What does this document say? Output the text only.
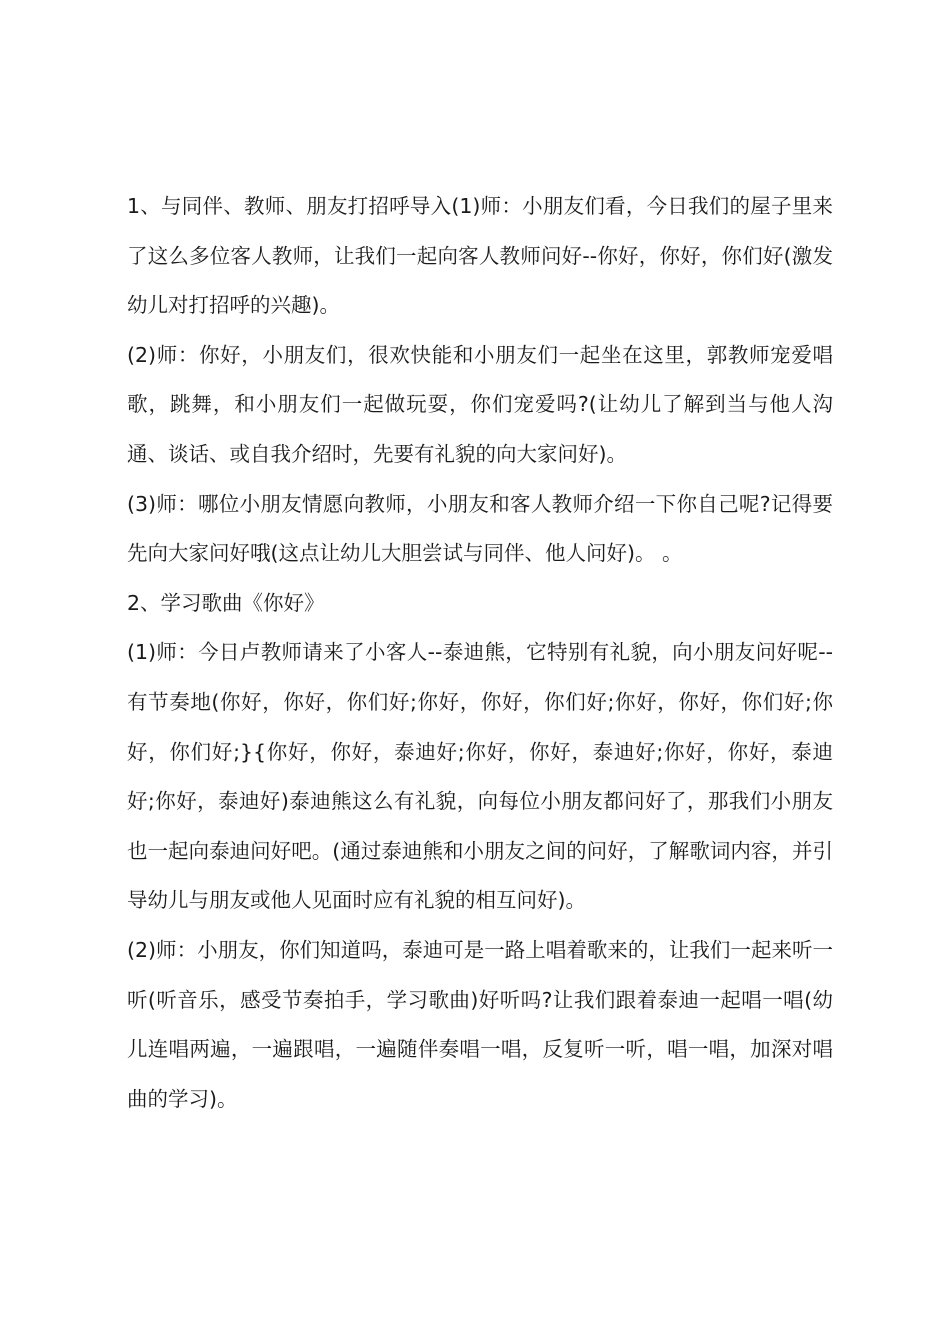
1、与同伴、教师、朋友打招呼导入(1)师：小朋友们看，今日我们的屋子里来了这么多位客人教师，让我们一起向客人教师问好--你好，你好，你们好(激发幼儿对打招呼的兴趣)。

(2)师：你好，小朋友们，很欢快能和小朋友们一起坐在这里，郭教师宠爱唱歌，跳舞，和小朋友们一起做玩耍，你们宠爱吗?(让幼儿了解到当与他人沟通、谈话、或自我介绍时，先要有礼貌的向大家问好)。

(3)师：哪位小朋友情愿向教师，小朋友和客人教师介绍一下你自己呢?记得要先向大家问好哦(这点让幼儿大胆尝试与同伴、他人问好)。 。

2、学习歌曲《你好》

(1)师：今日卢教师请来了小客人--泰迪熊，它特别有礼貌，向小朋友问好呢--有节奏地(你好，你好，你们好;你好，你好，你们好;你好，你好，你们好;你好，你们好;}{你好，你好，泰迪好;你好，你好，泰迪好;你好，你好，泰迪好;你好，泰迪好)泰迪熊这么有礼貌，向每位小朋友都问好了，那我们小朋友也一起向泰迪问好吧。(通过泰迪熊和小朋友之间的问好，了解歌词内容，并引导幼儿与朋友或他人见面时应有礼貌的相互问好)。

(2)师：小朋友，你们知道吗，泰迪可是一路上唱着歌来的，让我们一起来听一听(听音乐，感受节奏拍手，学习歌曲)好听吗?让我们跟着泰迪一起唱一唱(幼儿连唱两遍，一遍跟唱，一遍随伴奏唱一唱，反复听一听，唱一唱，加深对唱曲的学习)。
